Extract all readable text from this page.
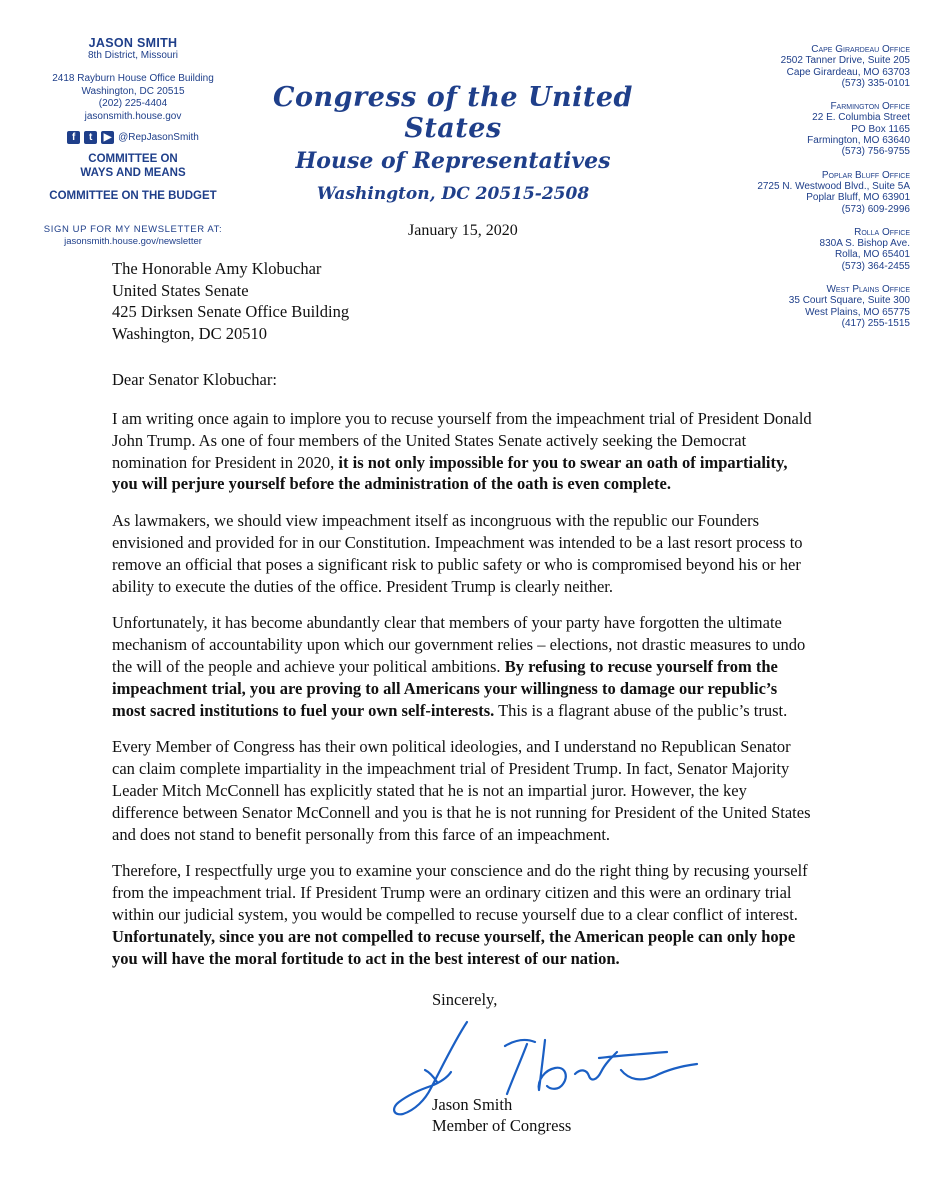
JASON SMITH
8th District, Missouri
2418 Rayburn House Office Building
Washington, DC 20515
(202) 225-4404
jasonsmith.house.gov
f	t	▶ @RepJasonSmith
COMMITTEE ON
WAYS AND MEANS
COMMITTEE ON THE BUDGET
SIGN UP FOR MY NEWSLETTER AT:
jasonsmith.house.gov/newsletter
Congress of the United States
House of Representatives
Washington, DC 20515-2508
Cape Girardeau Office
2502 Tanner Drive, Suite 205
Cape Girardeau, MO 63703
(573) 335-0101
Farmington Office
22 E. Columbia Street
PO Box 1165
Farmington, MO 63640
(573) 756-9755
Poplar Bluff Office
2725 N. Westwood Blvd., Suite 5A
Poplar Bluff, MO 63901
(573) 609-2996
Rolla Office
830A S. Bishop Ave.
Rolla, MO 65401
(573) 364-2455
West Plains Office
35 Court Square, Suite 300
West Plains, MO 65775
(417) 255-1515
January 15, 2020
The Honorable Amy Klobuchar
United States Senate
425 Dirksen Senate Office Building
Washington, DC 20510
Dear Senator Klobuchar:

I am writing once again to implore you to recuse yourself from the impeachment trial of President Donald John Trump. As one of four members of the United States Senate actively seeking the Democrat nomination for President in 2020, it is not only impossible for you to swear an oath of impartiality, you will perjure yourself before the administration of the oath is even complete.

As lawmakers, we should view impeachment itself as incongruous with the republic our Founders envisioned and provided for in our Constitution. Impeachment was intended to be a last resort process to remove an official that poses a significant risk to public safety or who is compromised beyond his or her ability to execute the duties of the office. President Trump is clearly neither.

Unfortunately, it has become abundantly clear that members of your party have forgotten the ultimate mechanism of accountability upon which our government relies – elections, not drastic measures to undo the will of the people and achieve your political ambitions. By refusing to recuse yourself from the impeachment trial, you are proving to all Americans your willingness to damage our republic’s most sacred institutions to fuel your own self-interests. This is a flagrant abuse of the public’s trust.

Every Member of Congress has their own political ideologies, and I understand no Republican Senator can claim complete impartiality in the impeachment trial of President Trump. In fact, Senator Majority Leader Mitch McConnell has explicitly stated that he is not an impartial juror. However, the key difference between Senator McConnell and you is that he is not running for President of the United States and does not stand to benefit personally from this farce of an impeachment.

Therefore, I respectfully urge you to examine your conscience and do the right thing by recusing yourself from the impeachment trial. If President Trump were an ordinary citizen and this were an ordinary trial within our judicial system, you would be compelled to recuse yourself due to a clear conflict of interest. Unfortunately, since you are not compelled to recuse yourself, the American people can only hope you will have the moral fortitude to act in the best interest of our nation.

Sincerely,
Jason Smith
Member of Congress
